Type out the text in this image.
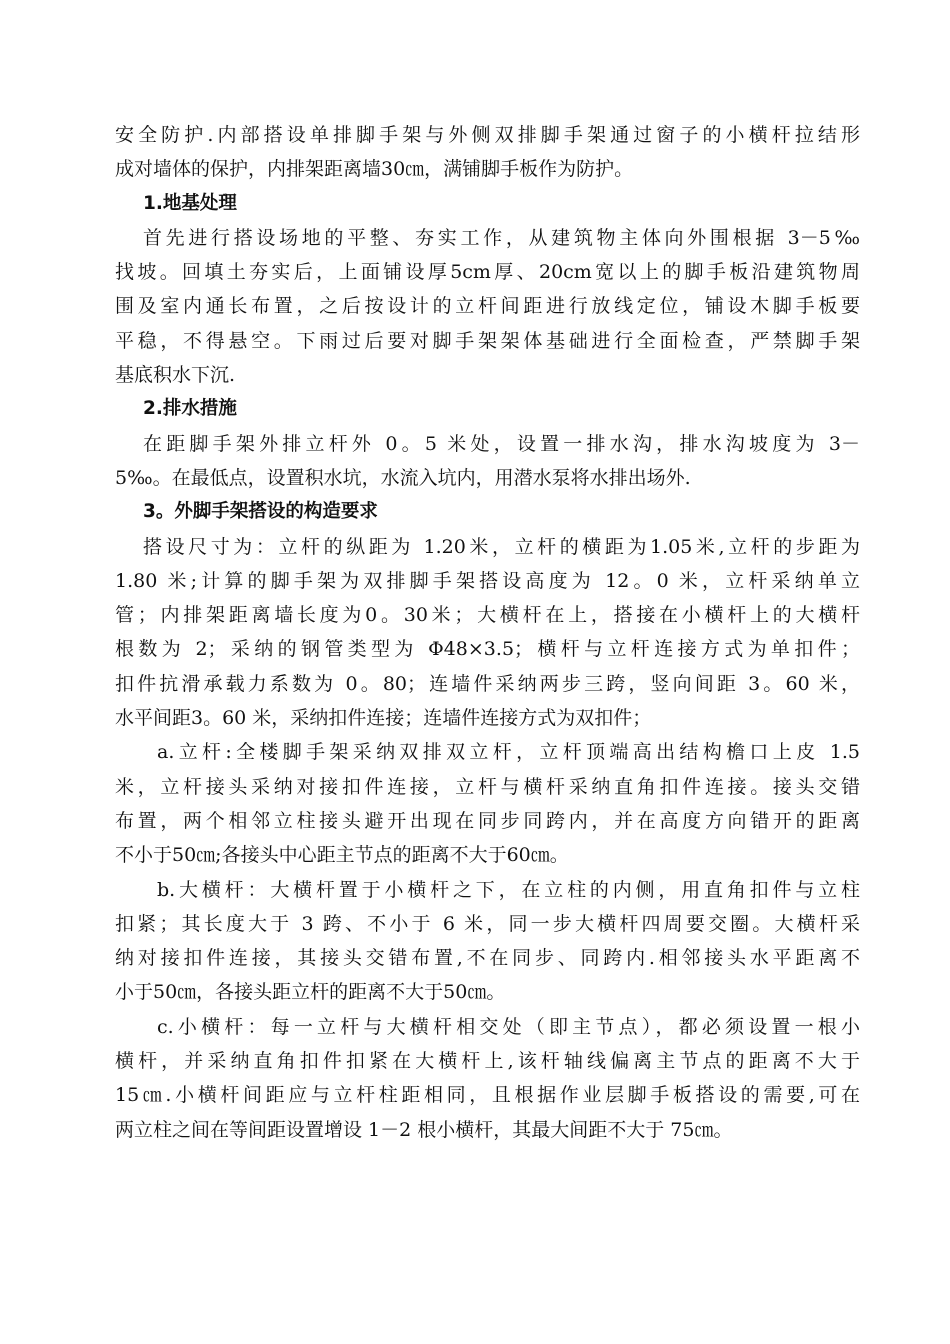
安全防护.内部搭设单排脚手架与外侧双排脚手架通过窗子的小横杆拉结形
成对墙体的保护，内排架距离墙30㎝，满铺脚手板作为防护。
1.地基处理
首先进行搭设场地的平整、夯实工作，从建筑物主体向外围根据 3－5‰
找坡。回填土夯实后，上面铺设厚5cm厚、20cm宽以上的脚手板沿建筑物周
围及室内通长布置，之后按设计的立杆间距进行放线定位，铺设木脚手板要
平稳，不得悬空。下雨过后要对脚手架架体基础进行全面检查，严禁脚手架
基底积水下沉.
2.排水措施
在距脚手架外排立杆外 0。5 米处，设置一排水沟，排水沟坡度为 3－
5‰。在最低点，设置积水坑，水流入坑内，用潜水泵将水排出场外.
3。外脚手架搭设的构造要求
搭设尺寸为：立杆的纵距为 1.20米，立杆的横距为1.05米,立杆的步距为
1.80 米;计算的脚手架为双排脚手架搭设高度为 12。0 米，立杆采纳单立
管；内排架距离墙长度为0。30米；大横杆在上，搭接在小横杆上的大横杆
根数为 2；采纳的钢管类型为 Φ48×3.5；横杆与立杆连接方式为单扣件；
扣件抗滑承载力系数为 0。80；连墙件采纳两步三跨，竖向间距 3。60 米，
水平间距3。60 米，采纳扣件连接；连墙件连接方式为双扣件；
a.立杆:全楼脚手架采纳双排双立杆，立杆顶端高出结构檐口上皮 1.5
米，立杆接头采纳对接扣件连接，立杆与横杆采纳直角扣件连接。接头交错
布置，两个相邻立柱接头避开出现在同步同跨内，并在高度方向错开的距离
不小于50㎝;各接头中心距主节点的距离不大于60㎝。
b.大横杆：大横杆置于小横杆之下，在立柱的内侧，用直角扣件与立柱
扣紧；其长度大于 3 跨、不小于 6 米，同一步大横杆四周要交圈。大横杆采
纳对接扣件连接，其接头交错布置,不在同步、同跨内.相邻接头水平距离不
小于50㎝，各接头距立杆的距离不大于50㎝。
c.小横杆：每一立杆与大横杆相交处（即主节点），都必须设置一根小
横杆，并采纳直角扣件扣紧在大横杆上,该杆轴线偏离主节点的距离不大于
15㎝.小横杆间距应与立杆柱距相同，且根据作业层脚手板搭设的需要,可在
两立柱之间在等间距设置增设 1－2 根小横杆，其最大间距不大于 75㎝。
